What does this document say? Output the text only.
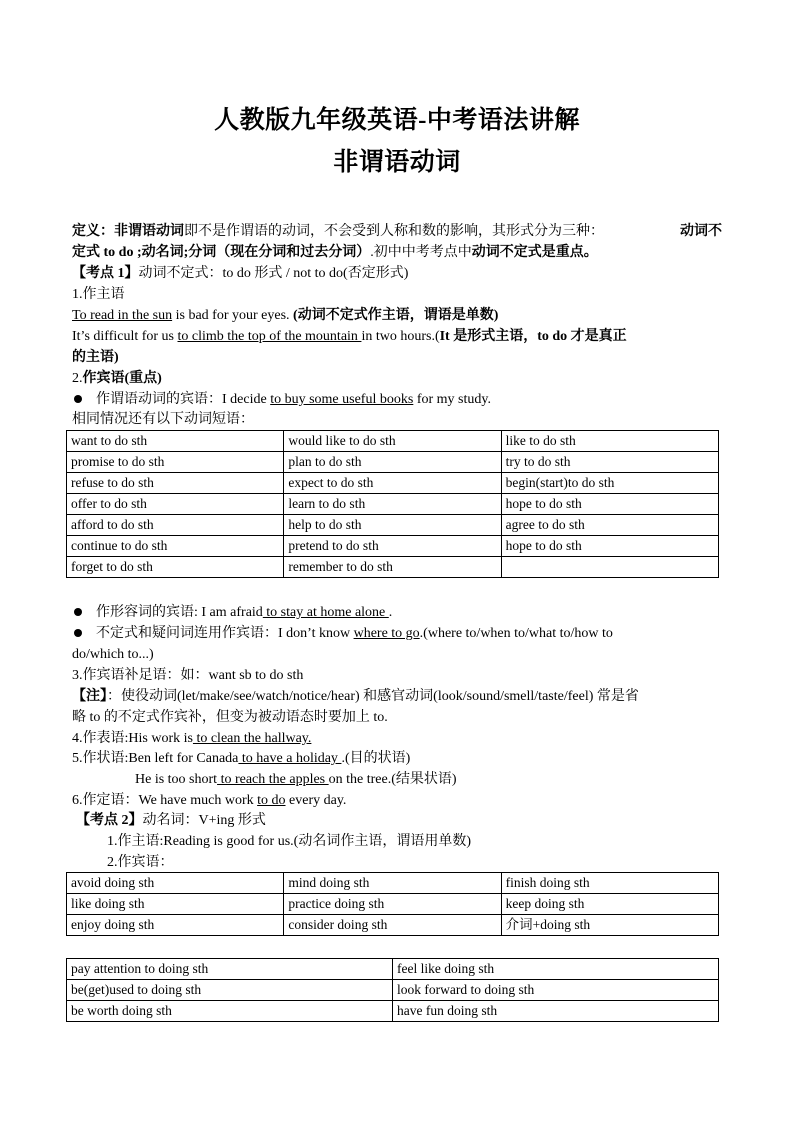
人教版九年级英语-中考语法讲解
非谓语动词
定义：非谓语动词即不是作谓语的动词，不会受到人称和数的影响，其形式分为三种：	动词不
定式 to do ;动名词;分词（现在分词和过去分词）.初中中考考点中动词不定式是重点。
【考点 1】动词不定式：to do 形式 / not to do(否定形式)
1.作主语
To read in the sun is bad for your eyes. (动词不定式作主语，谓语是单数)
It’s difficult for us to climb the top of the mountain in two hours.(It 是形式主语，to do 才是真正
的主语)
2.作宾语(重点)
作谓语动词的宾语：I decide to buy some useful books for my study.
相同情况还有以下动词短语：
want to do sth	would like to do sth	like to do sth
promise to do sth	plan to do sth	try to do sth
refuse to do sth	expect to do sth	begin(start)to do sth
offer to do sth	learn to do sth	hope to do sth
afford to do sth	help to do sth	agree to do sth
continue to do sth	pretend to do sth	hope to do sth
forget to do sth	remember to do sth	
作形容词的宾语: I am afraid to stay at home alone .
不定式和疑问词连用作宾语：I don’t know where to go.(where to/when to/what to/how to
do/which to...)
3.作宾语补足语：如：want sb to do sth
【注】：使役动词(let/make/see/watch/notice/hear) 和感官动词(look/sound/smell/taste/feel) 常是省
略 to 的不定式作宾补，但变为被动语态时要加上 to.
4.作表语:His work is to clean the hallway.
5.作状语:Ben left for Canada to have a holiday .(目的状语)
He is too short to reach the apples on the tree.(结果状语)
6.作定语：We have much work to do every day.
【考点 2】动名词：V+ing 形式
1.作主语:Reading is good for us.(动名词作主语，谓语用单数)
2.作宾语：
avoid doing sth	mind doing sth	finish doing sth
like doing sth	practice doing sth	keep doing sth
enjoy doing sth	consider doing sth	介词+doing sth
pay attention to doing sth	feel like doing sth
be(get)used to doing sth	look forward to doing sth
be worth doing sth	have fun doing sth
